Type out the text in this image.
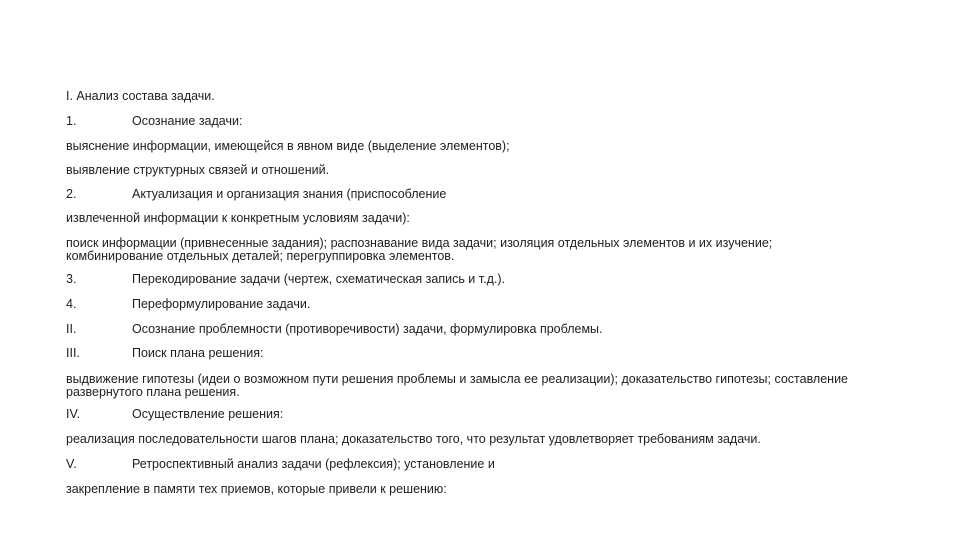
I. Анализ состава задачи.
1.	Осознание задачи:
выяснение информации, имеющейся в явном виде (выделение элементов);
выявление структурных связей и отношений.
2.	Актуализация и организация знания (приспособление
извлеченной информации к конкретным условиям задачи):
поиск информации (привнесенные задания); распознавание вида задачи; изоляция отдельных элементов и их изучение; комбинирование отдельных деталей; перегруппировка элементов.
3.	Перекодирование задачи (чертеж, схематическая запись и т.д.).
4.	Переформулирование задачи.
II.	Осознание проблемности (противоречивости) задачи, формулировка проблемы.
III.	Поиск плана решения:
выдвижение гипотезы (идеи о возможном пути решения проблемы и замысла ее реализации); доказательство гипотезы; составление развернутого плана решения.
IV.	Осуществление решения:
реализация последовательности шагов плана; доказательство того, что результат удовлетворяет требованиям задачи.
V.	Ретроспективный анализ задачи (рефлексия); установление и
закрепление в памяти тех приемов, которые привели к решению:
